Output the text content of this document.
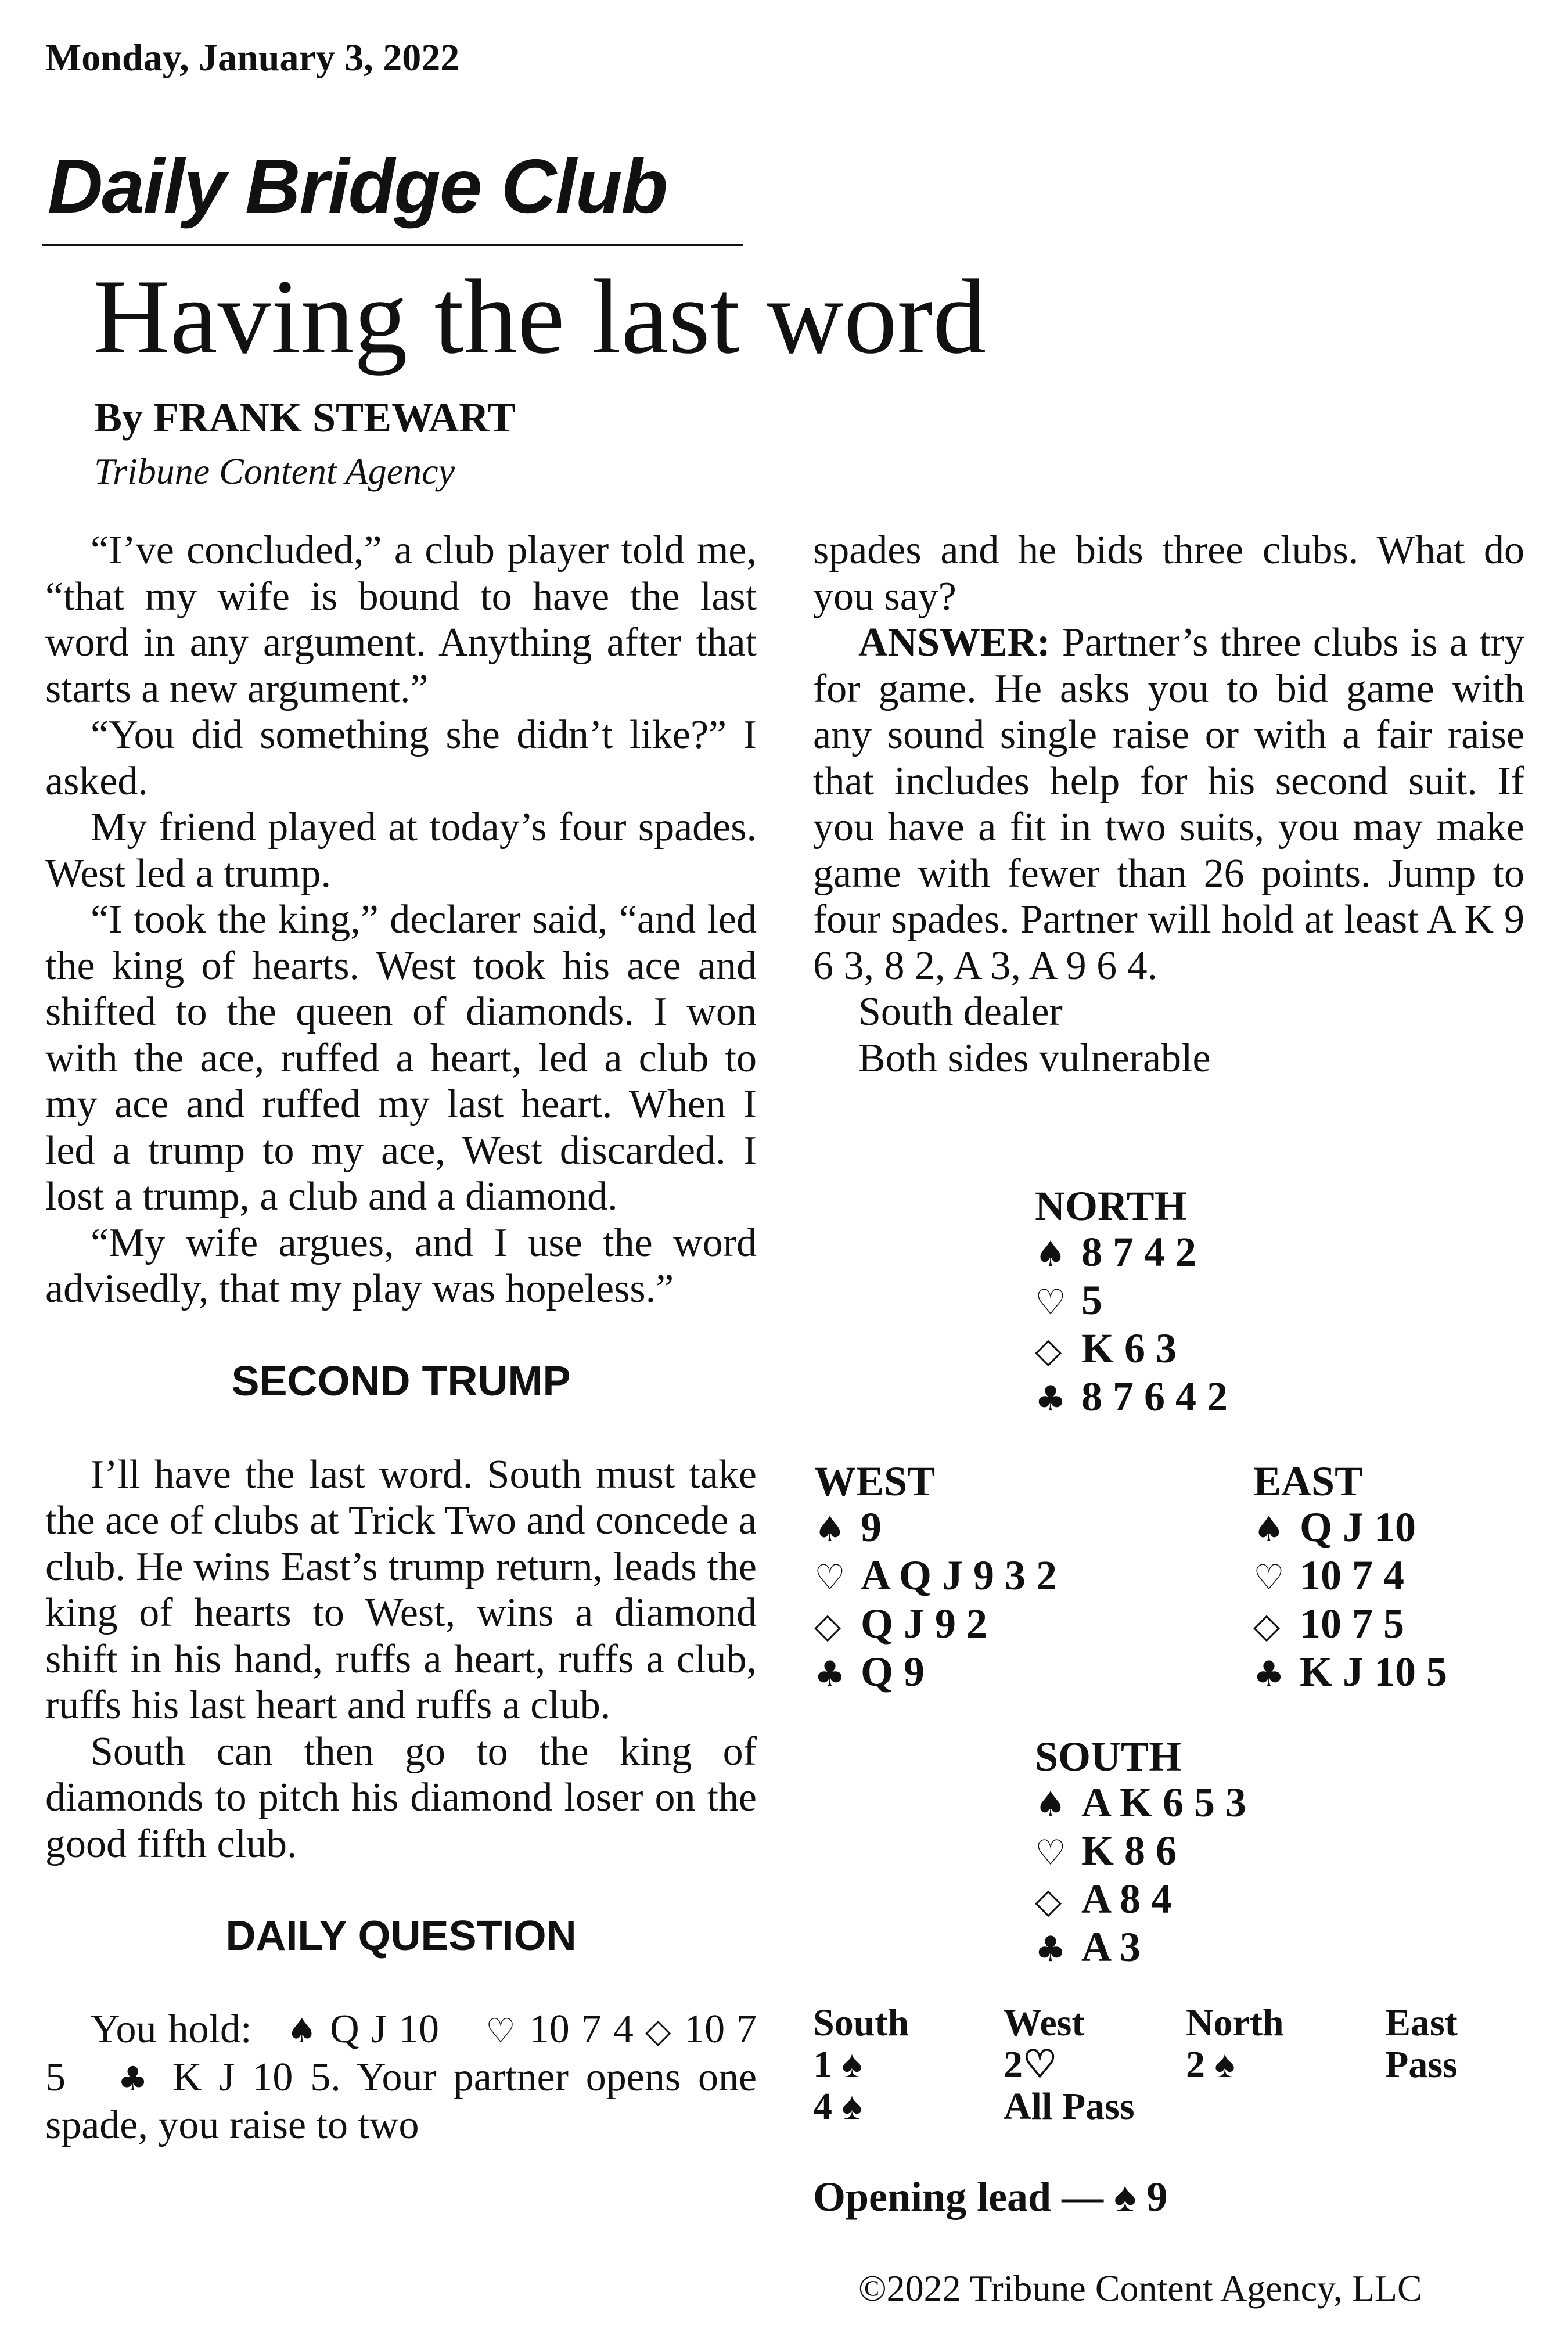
Monday, January 3, 2022
Daily Bridge Club
Having the last word
By FRANK STEWART
Tribune Content Agency

“I’ve concluded,” a club player told me, “that my wife is bound to have the last word in any argument. Anything after that starts a new argument.”

“You did something she didn’t like?” I asked.

My friend played at today’s four spades. West led a trump.

“I took the king,” declarer said, “and led the king of hearts. West took his ace and shifted to the queen of diamonds. I won with the ace, ruffed a heart, led a club to my ace and ruffed my last heart. When I led a trump to my ace, West discarded. I lost a trump, a club and a diamond.

“My wife argues, and I use the word advisedly, that my play was hopeless.”

SECOND TRUMP

I’ll have the last word. South must take the ace of clubs at Trick Two and concede a club. He wins East’s trump return, leads the king of hearts to West, wins a diamond shift in his hand, ruffs a heart, ruffs a club, ruffs his last heart and ruffs a club.

South can then go to the king of diamonds to pitch his diamond loser on the good fifth club.

DAILY QUESTION

You hold: ♠ Q J 10 ♡ 10 7 4 ◇ 10 7 5 ♣ K J 10 5. Your partner opens one spade, you raise to two

spades and he bids three clubs. What do you say?

ANSWER: Partner’s three clubs is a try for game. He asks you to bid game with any sound single raise or with a fair raise that includes help for his second suit. If you have a fit in two suits, you may make game with fewer than 26 points. Jump to four spades. Partner will hold at least A K 9 6 3, 8 2, A 3, A 9 6 4.

South dealer

Both sides vulnerable

NORTH
♠ 8 7 4 2
♡ 5
◇ K 6 3
♣ 8 7 6 4 2
WEST
♠ 9
♡ A Q J 9 3 2
◇ Q J 9 2
♣ Q 9
EAST
♠ Q J 10
♡ 10 7 4
◇ 10 7 5
♣ K J 10 5
SOUTH
♠ A K 6 5 3
♡ K 8 6
◇ A 8 4
♣ A 3
South West	North	East
1 ♠	2♡	2 ♠	Pass
4 ♠	All Pass
Opening lead — ♠ 9
©2022 Tribune Content Agency, LLC
